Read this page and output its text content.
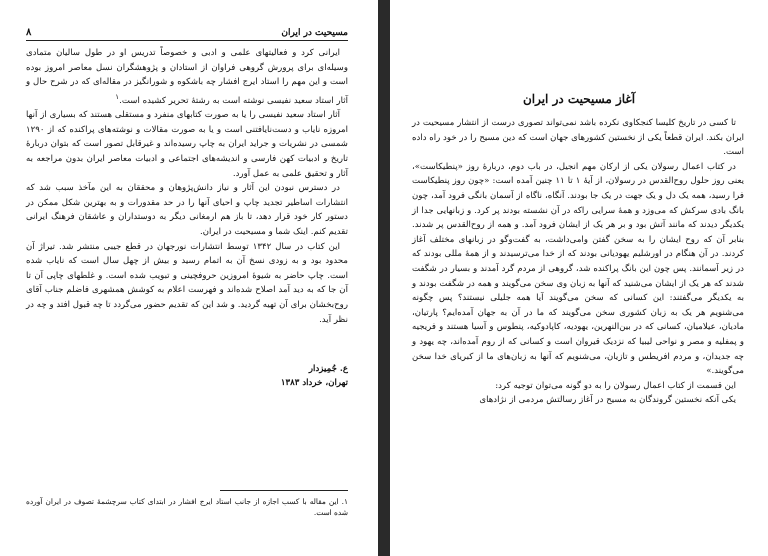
مسیحیت در ایران
۸

ایرانی کرد و فعالیتهای علمی و ادبی و خصوصاً تدریس او در طول سالیان متمادی وسیله‌ای برای پرورش گروهی فراوان از استادان و پژوهشگران نسل معاصر امروز بوده است و این مهم را استاد ایرج افشار چه باشکوه و شورانگیز در مقاله‌ای که در شرح حال و آثار استاد سعید نفیسی نوشته است به رشتهٔ تحریر کشیده است.$^۱$

آثار استاد سعید نفیسی را یا به صورت کتابهای منفرد و مستقلی هستند که بسیاری از آنها امروزه نایاب و دست‌نایافتنی است و یا به صورت مقالات و نوشته‌های پراکنده که از ۱۲۹۰ شمسی در نشریات و جراید ایران به چاپ رسیده‌اند و غیرقابل تصور است که بتوان دربارهٔ تاریخ و ادبیات کهن فارسی و اندیشه‌های اجتماعی و ادبیات معاصر ایران بدون مراجعه به آثار و تحقیق علمی به عمل آورد.

در دسترس نبودن این آثار و نیاز دانش‌پژوهان و محققان به این مآخذ سبب شد که انتشارات اساطیر تجدید چاپ و احیای آنها را در حد مقدورات و به بهترین شکل ممکن در دستور کار خود قرار دهد، تا باز هم ارمغانی دیگر به دوستداران و عاشقان فرهنگ ایرانی تقدیم کنم. اینک شما و مسیحیت در ایران.

این کتاب در سال ۱۳۴۲ توسط انتشارات نورجهان در قطع جیبی منتشر شد. تیراژ آن محدود بود و به زودی نسخ آن به اتمام رسید و بیش از چهل سال است که نایاب شده است. چاپ حاضر به شیوهٔ امروزین حروفچینی و تبویب شده است. و غلطهای چاپی آن تا آن جا که به دید آمد اصلاح شده‌اند و فهرست اعلام به کوشش همشهری فاضلم جناب آقای روح‌بخشان برای آن تهیه گردید. و شد این که تقدیم حضور می‌گردد تا چه قبول افتد و چه در نظر آید.

ع. جُمِیزدار
تهران، خرداد ۱۳۸۳
۱. این مقاله با کسب اجازه از جانب استاد ایرج افشار در ابتدای کتاب سرچشمهٔ تصوف در ایران آورده شده است.
آغاز مسیحیت در ایران

تا کسی در تاریخ کلیسا کنجکاوی نکرده باشد نمی‌تواند تصوری درست از انتشار مسیحیت در ایران بکند. ایران قطعاً یکی از نخستین کشورهای جهان است که دین مسیح را در خود راه داده است.

در کتاب اعمال رسولان یکی از ارکان مهم انجیل، در باب دوم، دربارهٔ روز «پنطیکاست»، یعنی روز حلول روح‌القدس در رسولان، از آیهٔ ۱ تا ۱۱ چنین آمده است: «چون روز پنطیکاست فرا رسید، همه یک دل و یک جهت در یک جا بودند. آنگاه، ناگاه از آسمان بانگی فرود آمد، چون بانگ بادی سرکش که می‌وزد و همهٔ سرایی راکه در آن نشسته بودند پر کرد. و زبانهایی جدا از یکدیگر دیدند که مانند آتش بود و بر هر یک از ایشان فرود آمد. و همه از روح‌القدس پر شدند. بنابر آن که روح ایشان را به سخن گفتن وامی‌داشت، به گفت‌وگو در زبانهای مختلف آغاز کردند. در آن هنگام در اورشلیم یهودیانی بودند که از خدا می‌ترسیدند و از همهٔ مللی بودند که در زیر آسمانند. پس چون این بانگ پراکنده شد، گروهی از مردم گرد آمدند و بسیار در شگفت شدند که هر یک از ایشان می‌شنید که آنها به زبان وی سخن می‌گویند و همه در شگفت بودند و به یکدیگر می‌گفتند: این کسانی که سخن می‌گویند آیا همه جلیلی نیستند؟ پس چگونه می‌شنویم هر یک به زبان کشوری سخن می‌گویند که ما در آن به جهان آمده‌ایم؟ پارتیان، مادیان، عیلامیان، کسانی که در بین‌النهرین، یهودیه، کاپادوکیه، پنطوس و آسیا هستند و فریجیه و پمفلیه و مصر و نواحی لیبیا که نزدیک قیروان است و کسانی که از روم آمده‌اند، چه یهود و چه جدیدان، و مردم افریطس و تازیان، می‌شنویم که آنها به زبان‌های ما از کبریای خدا سخن می‌گویند.»

این قسمت از کتاب اعمال رسولان را به دو گونه می‌توان توجیه کرد:

یکی آنکه نخستین گروندگان به مسیح در آغاز رسالتش مردمی از نژادهای
